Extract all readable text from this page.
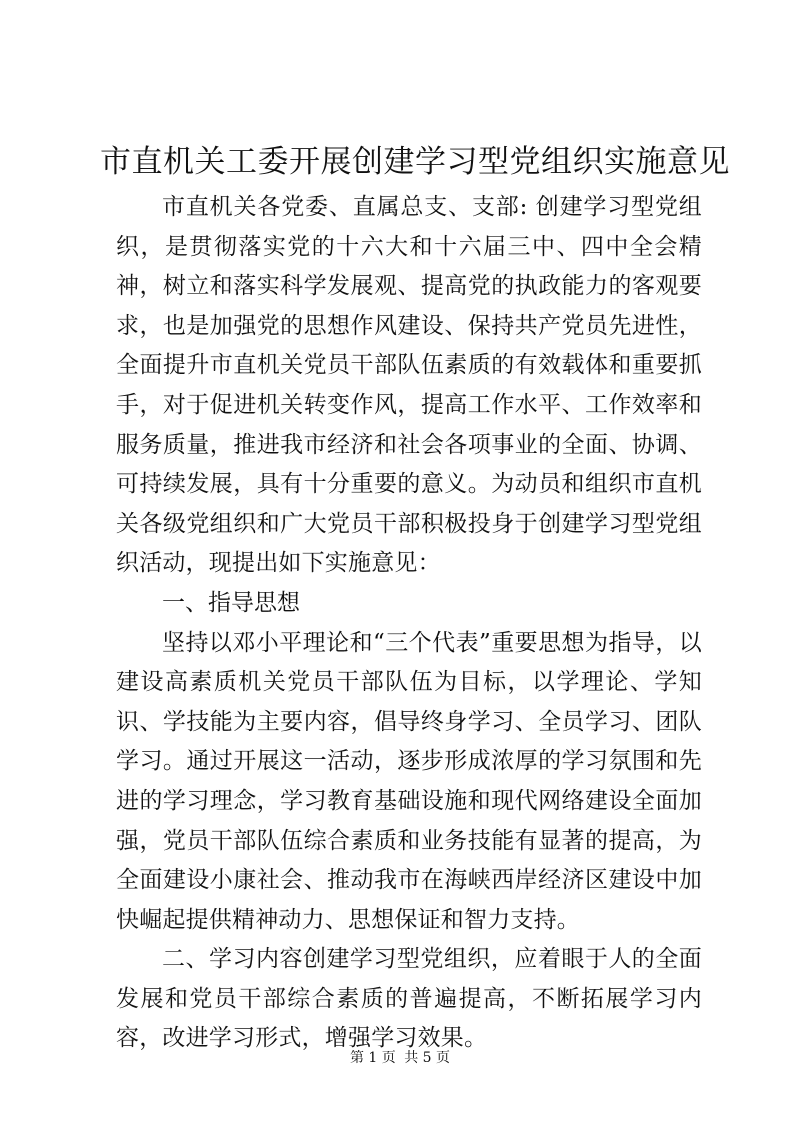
市直机关工委开展创建学习型党组织实施意见

市直机关各党委、直属总支、支部: 创建学习型党组织，是贯彻落实党的十六大和十六届三中、四中全会精神，树立和落实科学发展观、提高党的执政能力的客观要求，也是加强党的思想作风建设、保持共产党员先进性，全面提升市直机关党员干部队伍素质的有效载体和重要抓手，对于促进机关转变作风，提高工作水平、工作效率和服务质量，推进我市经济和社会各项事业的全面、协调、可持续发展，具有十分重要的意义。为动员和组织市直机关各级党组织和广大党员干部积极投身于创建学习型党组织活动，现提出如下实施意见：

一、指导思想

坚持以邓小平理论和“三个代表”重要思想为指导，以建设高素质机关党员干部队伍为目标，以学理论、学知识、学技能为主要内容，倡导终身学习、全员学习、团队学习。通过开展这一活动，逐步形成浓厚的学习氛围和先进的学习理念，学习教育基础设施和现代网络建设全面加强，党员干部队伍综合素质和业务技能有显著的提高，为全面建设小康社会、推动我市在海峡西岸经济区建设中加快崛起提供精神动力、思想保证和智力支持。

二、学习内容创建学习型党组织，应着眼于人的全面发展和党员干部综合素质的普遍提高，不断拓展学习内容，改进学习形式，增强学习效果。

第 1 页 共 5 页
